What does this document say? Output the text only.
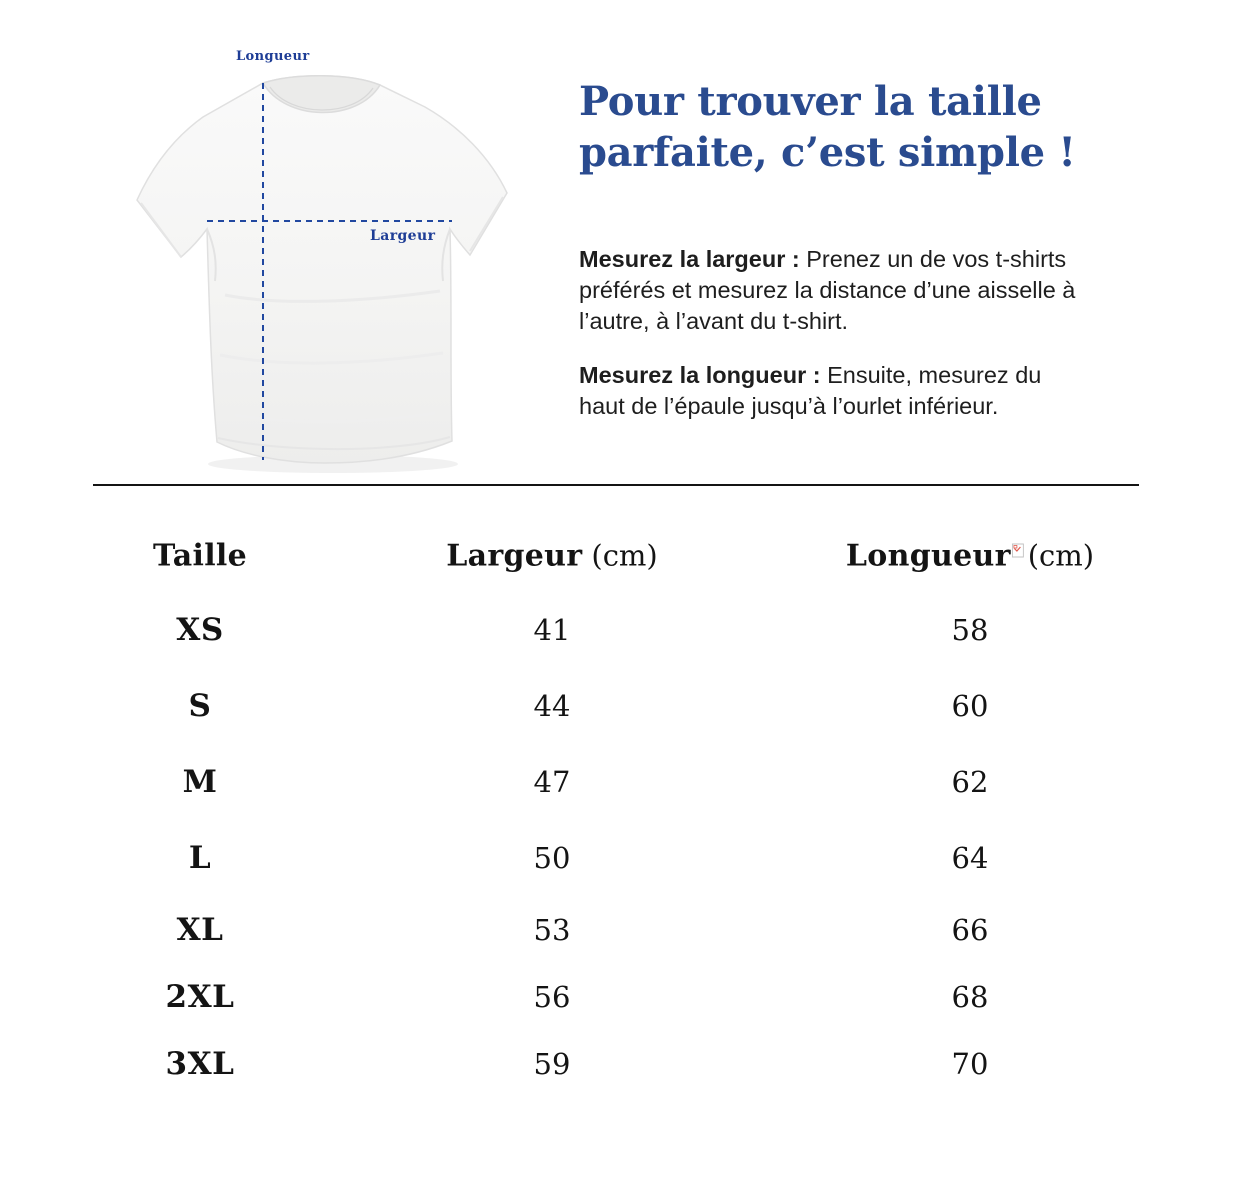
Longueur
Largeur
Pour trouver la taille
parfaite, c’est simple !
Mesurez la largeur : Prenez un de vos t-shirts
préférés et mesurez la distance d’une aisselle à
l’autre, à l’avant du t-shirt.
Mesurez la longueur : Ensuite, mesurez du
haut de l’épaule jusqu’à l’ourlet inférieur.
Taille	Largeur (cm)	Longueur (cm)
XS	41	58
S	44	60
M	47	62
L	50	64
XL	53	66
2XL	56	68
3XL	59	70
